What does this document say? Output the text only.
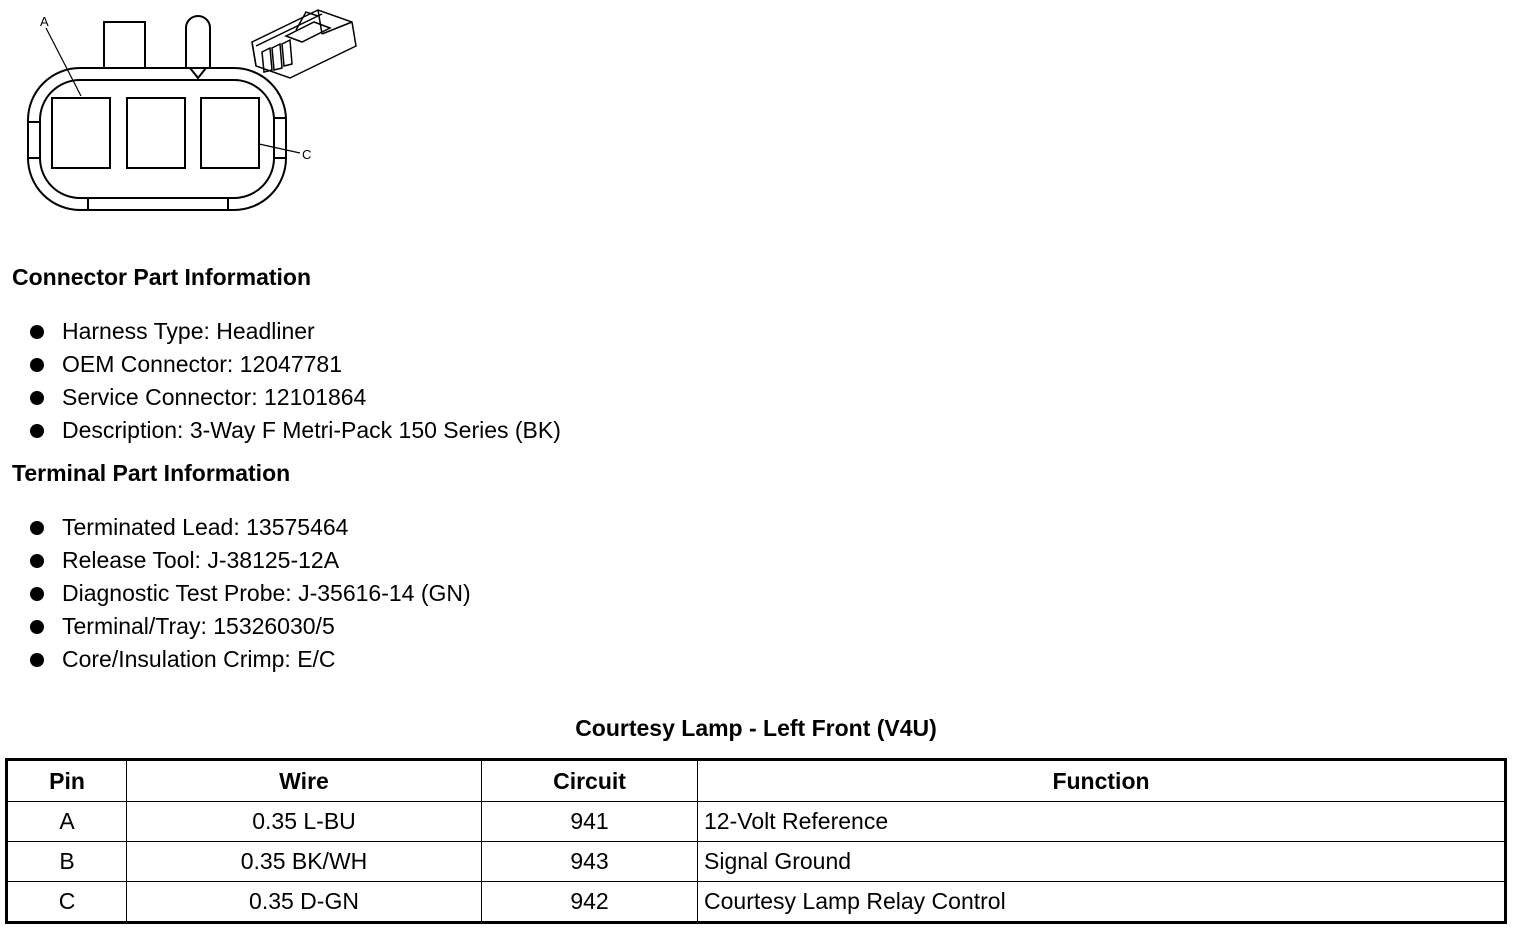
A
C
Connector Part Information
Harness Type: Headliner
OEM Connector: 12047781
Service Connector: 12101864
Description: 3-Way F Metri-Pack 150 Series (BK)
Terminal Part Information
Terminated Lead: 13575464
Release Tool: J-38125-12A
Diagnostic Test Probe: J-35616-14 (GN)
Terminal/Tray: 15326030/5
Core/Insulation Crimp: E/C
Courtesy Lamp - Left Front (V4U)
Pin	Wire	Circuit	Function
A	0.35 L-BU	941	12-Volt Reference
B	0.35 BK/WH	943	Signal Ground
C	0.35 D-GN	942	Courtesy Lamp Relay Control
